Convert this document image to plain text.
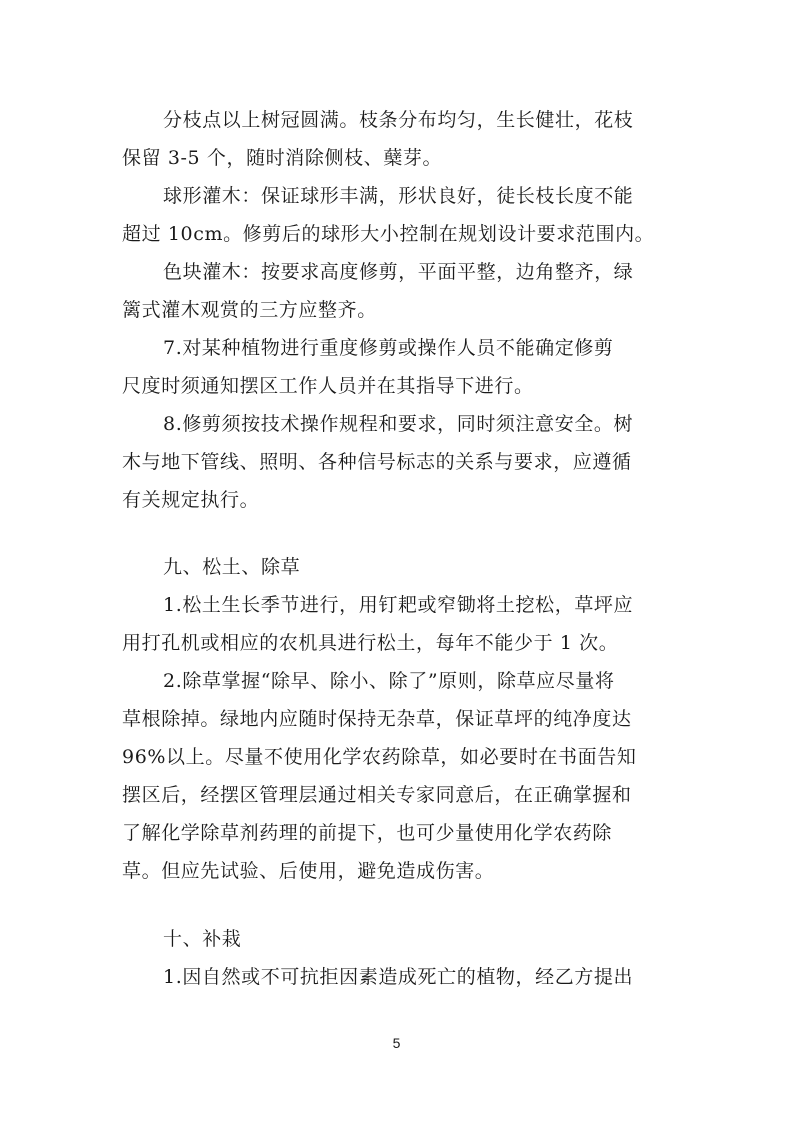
分枝点以上树冠圆满。枝条分布均匀，生长健壮，花枝
保留 3-5 个，随时消除侧枝、蘖芽。
球形灌木：保证球形丰满，形状良好，徒长枝长度不能
超过 10cm。修剪后的球形大小控制在规划设计要求范围内。
色块灌木：按要求高度修剪，平面平整，边角整齐，绿
篱式灌木观赏的三方应整齐。
7.对某种植物进行重度修剪或操作人员不能确定修剪
尺度时须通知摆区工作人员并在其指导下进行。
8.修剪须按技术操作规程和要求，同时须注意安全。树
木与地下管线、照明、各种信号标志的关系与要求，应遵循
有关规定执行。
九、松土、除草
1.松土生长季节进行，用钉耙或窄锄将土挖松，草坪应
用打孔机或相应的农机具进行松土，每年不能少于 1 次。
2.除草掌握“除早、除小、除了”原则，除草应尽量将
草根除掉。绿地内应随时保持无杂草，保证草坪的纯净度达
96%以上。尽量不使用化学农药除草，如必要时在书面告知
摆区后，经摆区管理层通过相关专家同意后，在正确掌握和
了解化学除草剂药理的前提下，也可少量使用化学农药除
草。但应先试验、后使用，避免造成伤害。
十、补栽
1.因自然或不可抗拒因素造成死亡的植物，经乙方提出
5
